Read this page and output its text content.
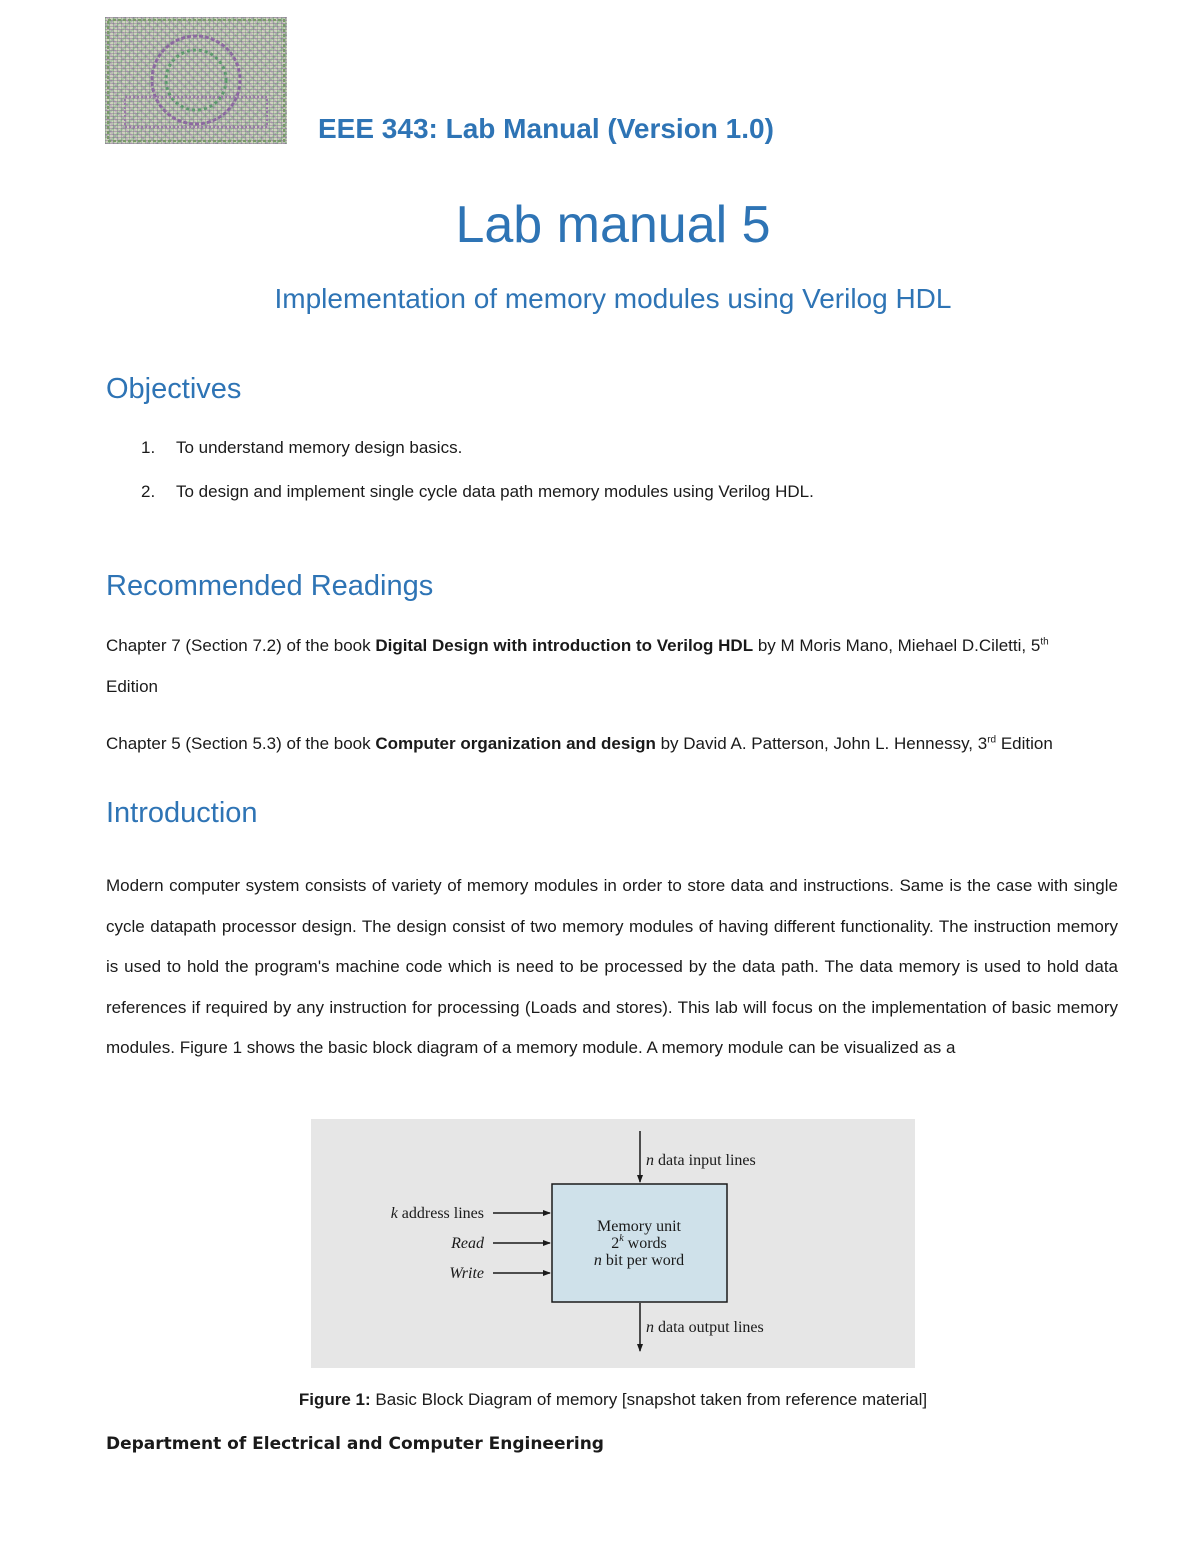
EEE 343: Lab Manual (Version 1.0)
Lab manual 5
Implementation of memory modules using Verilog HDL
Objectives
1. To understand memory design basics.
2. To design and implement single cycle data path memory modules using Verilog HDL.
Recommended Readings
Chapter 7 (Section 7.2) of the book Digital Design with introduction to Verilog HDL by M Moris Mano, Miehael D.Ciletti, 5th
Edition
Chapter 5 (Section 5.3) of the book Computer organization and design by David A. Patterson, John L. Hennessy, 3rd Edition
Introduction

Modern computer system consists of variety of memory modules in order to store data and instructions. Same is the case with single cycle datapath processor design. The design consist of two memory modules of having different functionality. The instruction memory is used to hold the program's machine code which is need to be processed by the data path. The data memory is used to hold data references if required by any instruction for processing (Loads and stores). This lab will focus on the implementation of basic memory modules. Figure 1 shows the basic block diagram of a memory module. A memory module can be visualized as a

n data input lines
n data output lines
k address lines
Read
Write
Memory unit
2$^k$ words
n bit per word
Figure 1: Basic Block Diagram of memory [snapshot taken from reference material]
Department of Electrical and Computer Engineering
